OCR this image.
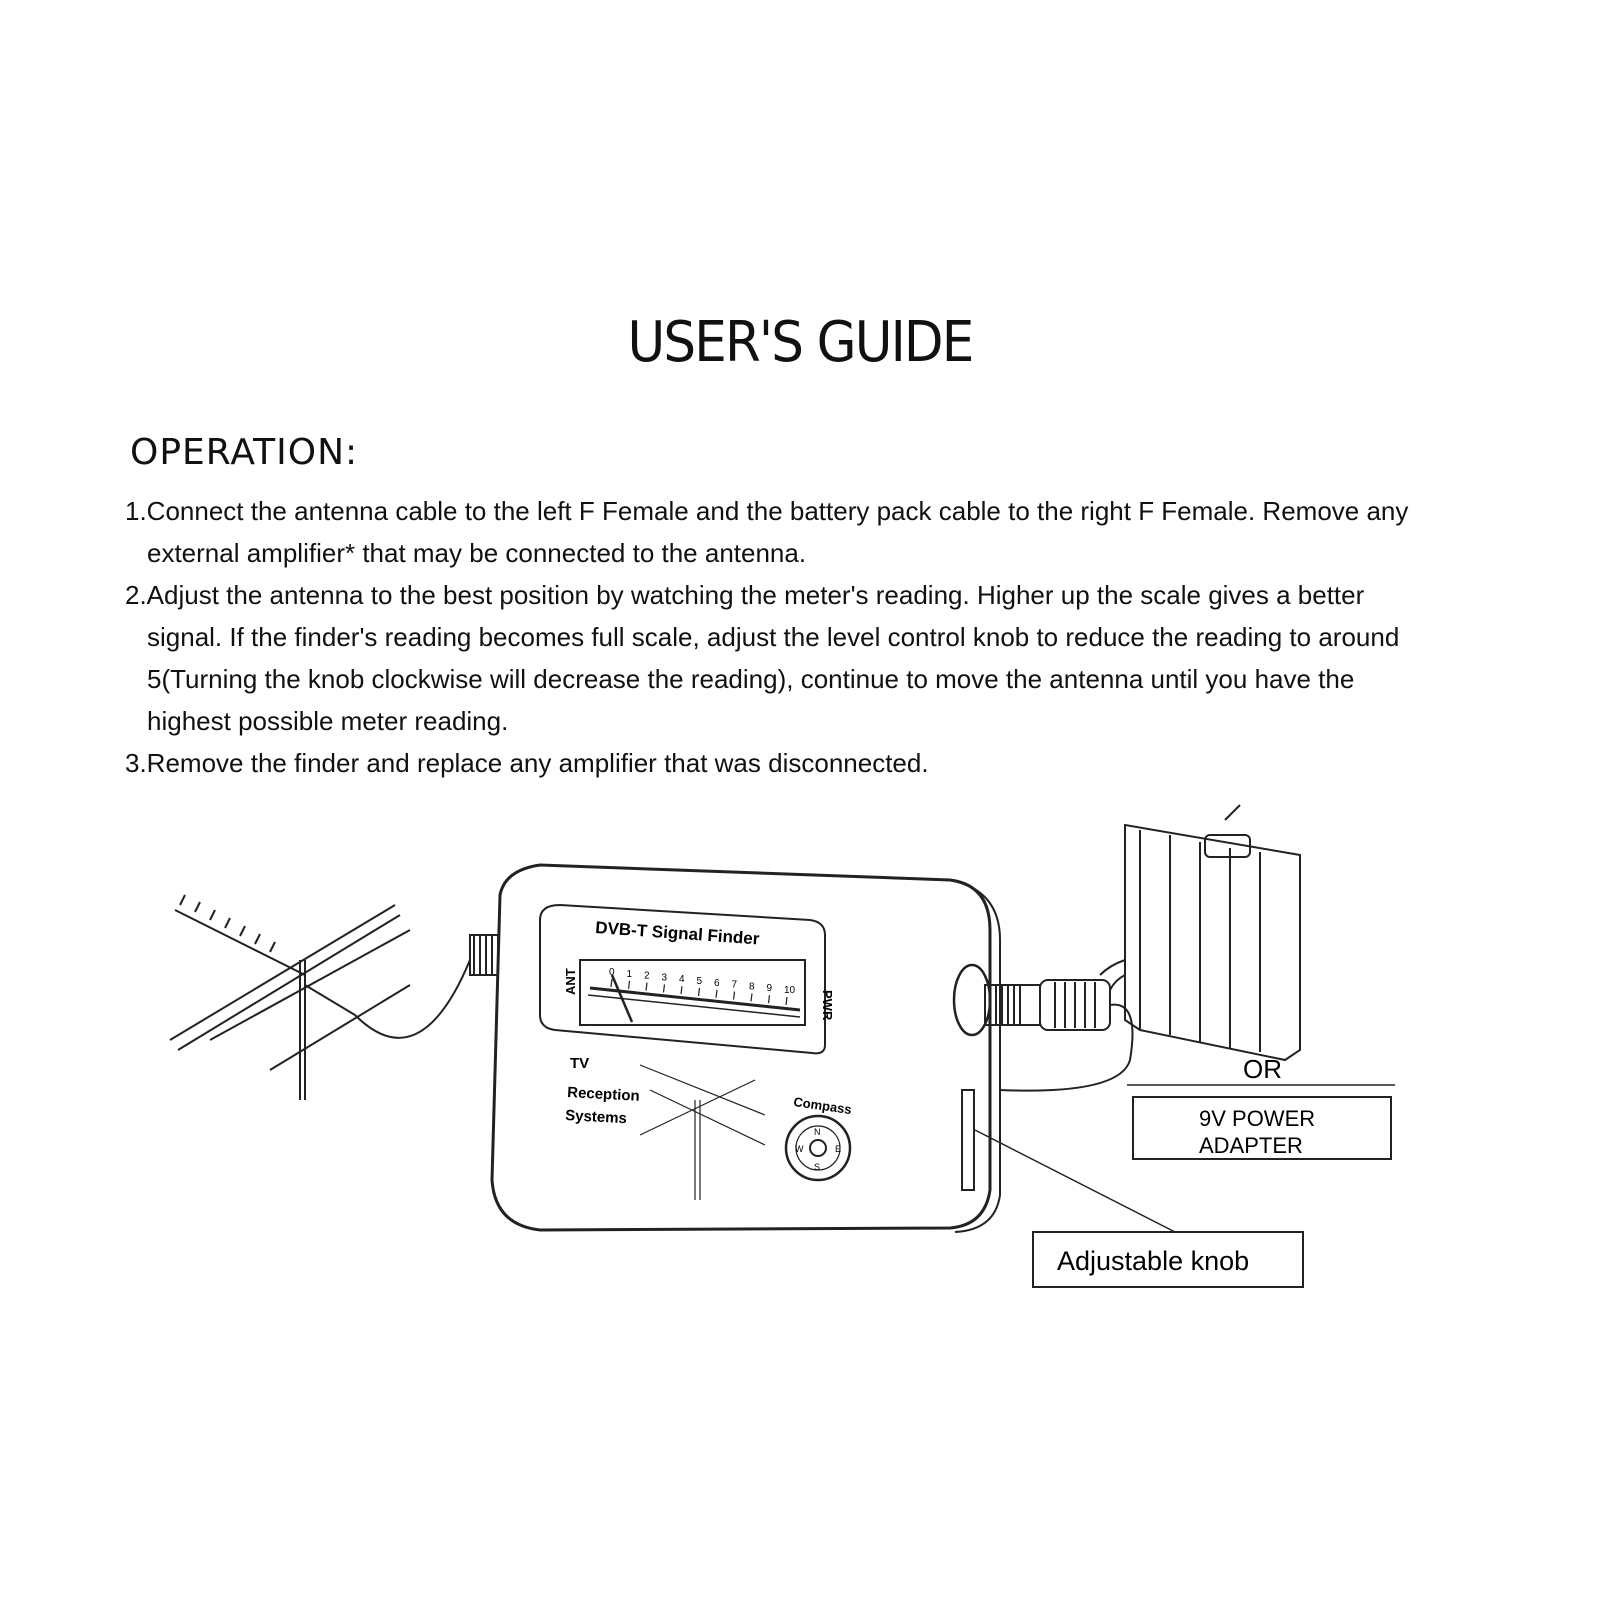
USER'S GUIDE
OPERATION:

1.Connect the antenna cable to the left F Female and the battery pack cable to the right F Female. Remove any external amplifier* that may be connected to the antenna.

2.Adjust the antenna to the best position by watching the meter's reading. Higher up the scale gives a better signal. If the finder's reading becomes full scale, adjust the level control knob to reduce the reading to around 5(Turning the knob clockwise will decrease the reading), continue to move the antenna until you have the highest possible meter reading.

3.Remove the finder and replace any amplifier that was disconnected.

DVB-T Signal Finder
ANT
PWR
0 1 2 3 4 5 6 7 8 9 10
TV
Reception
Systems
Compass
N
E
S
W
OR
9V POWER
ADAPTER
Adjustable knob
